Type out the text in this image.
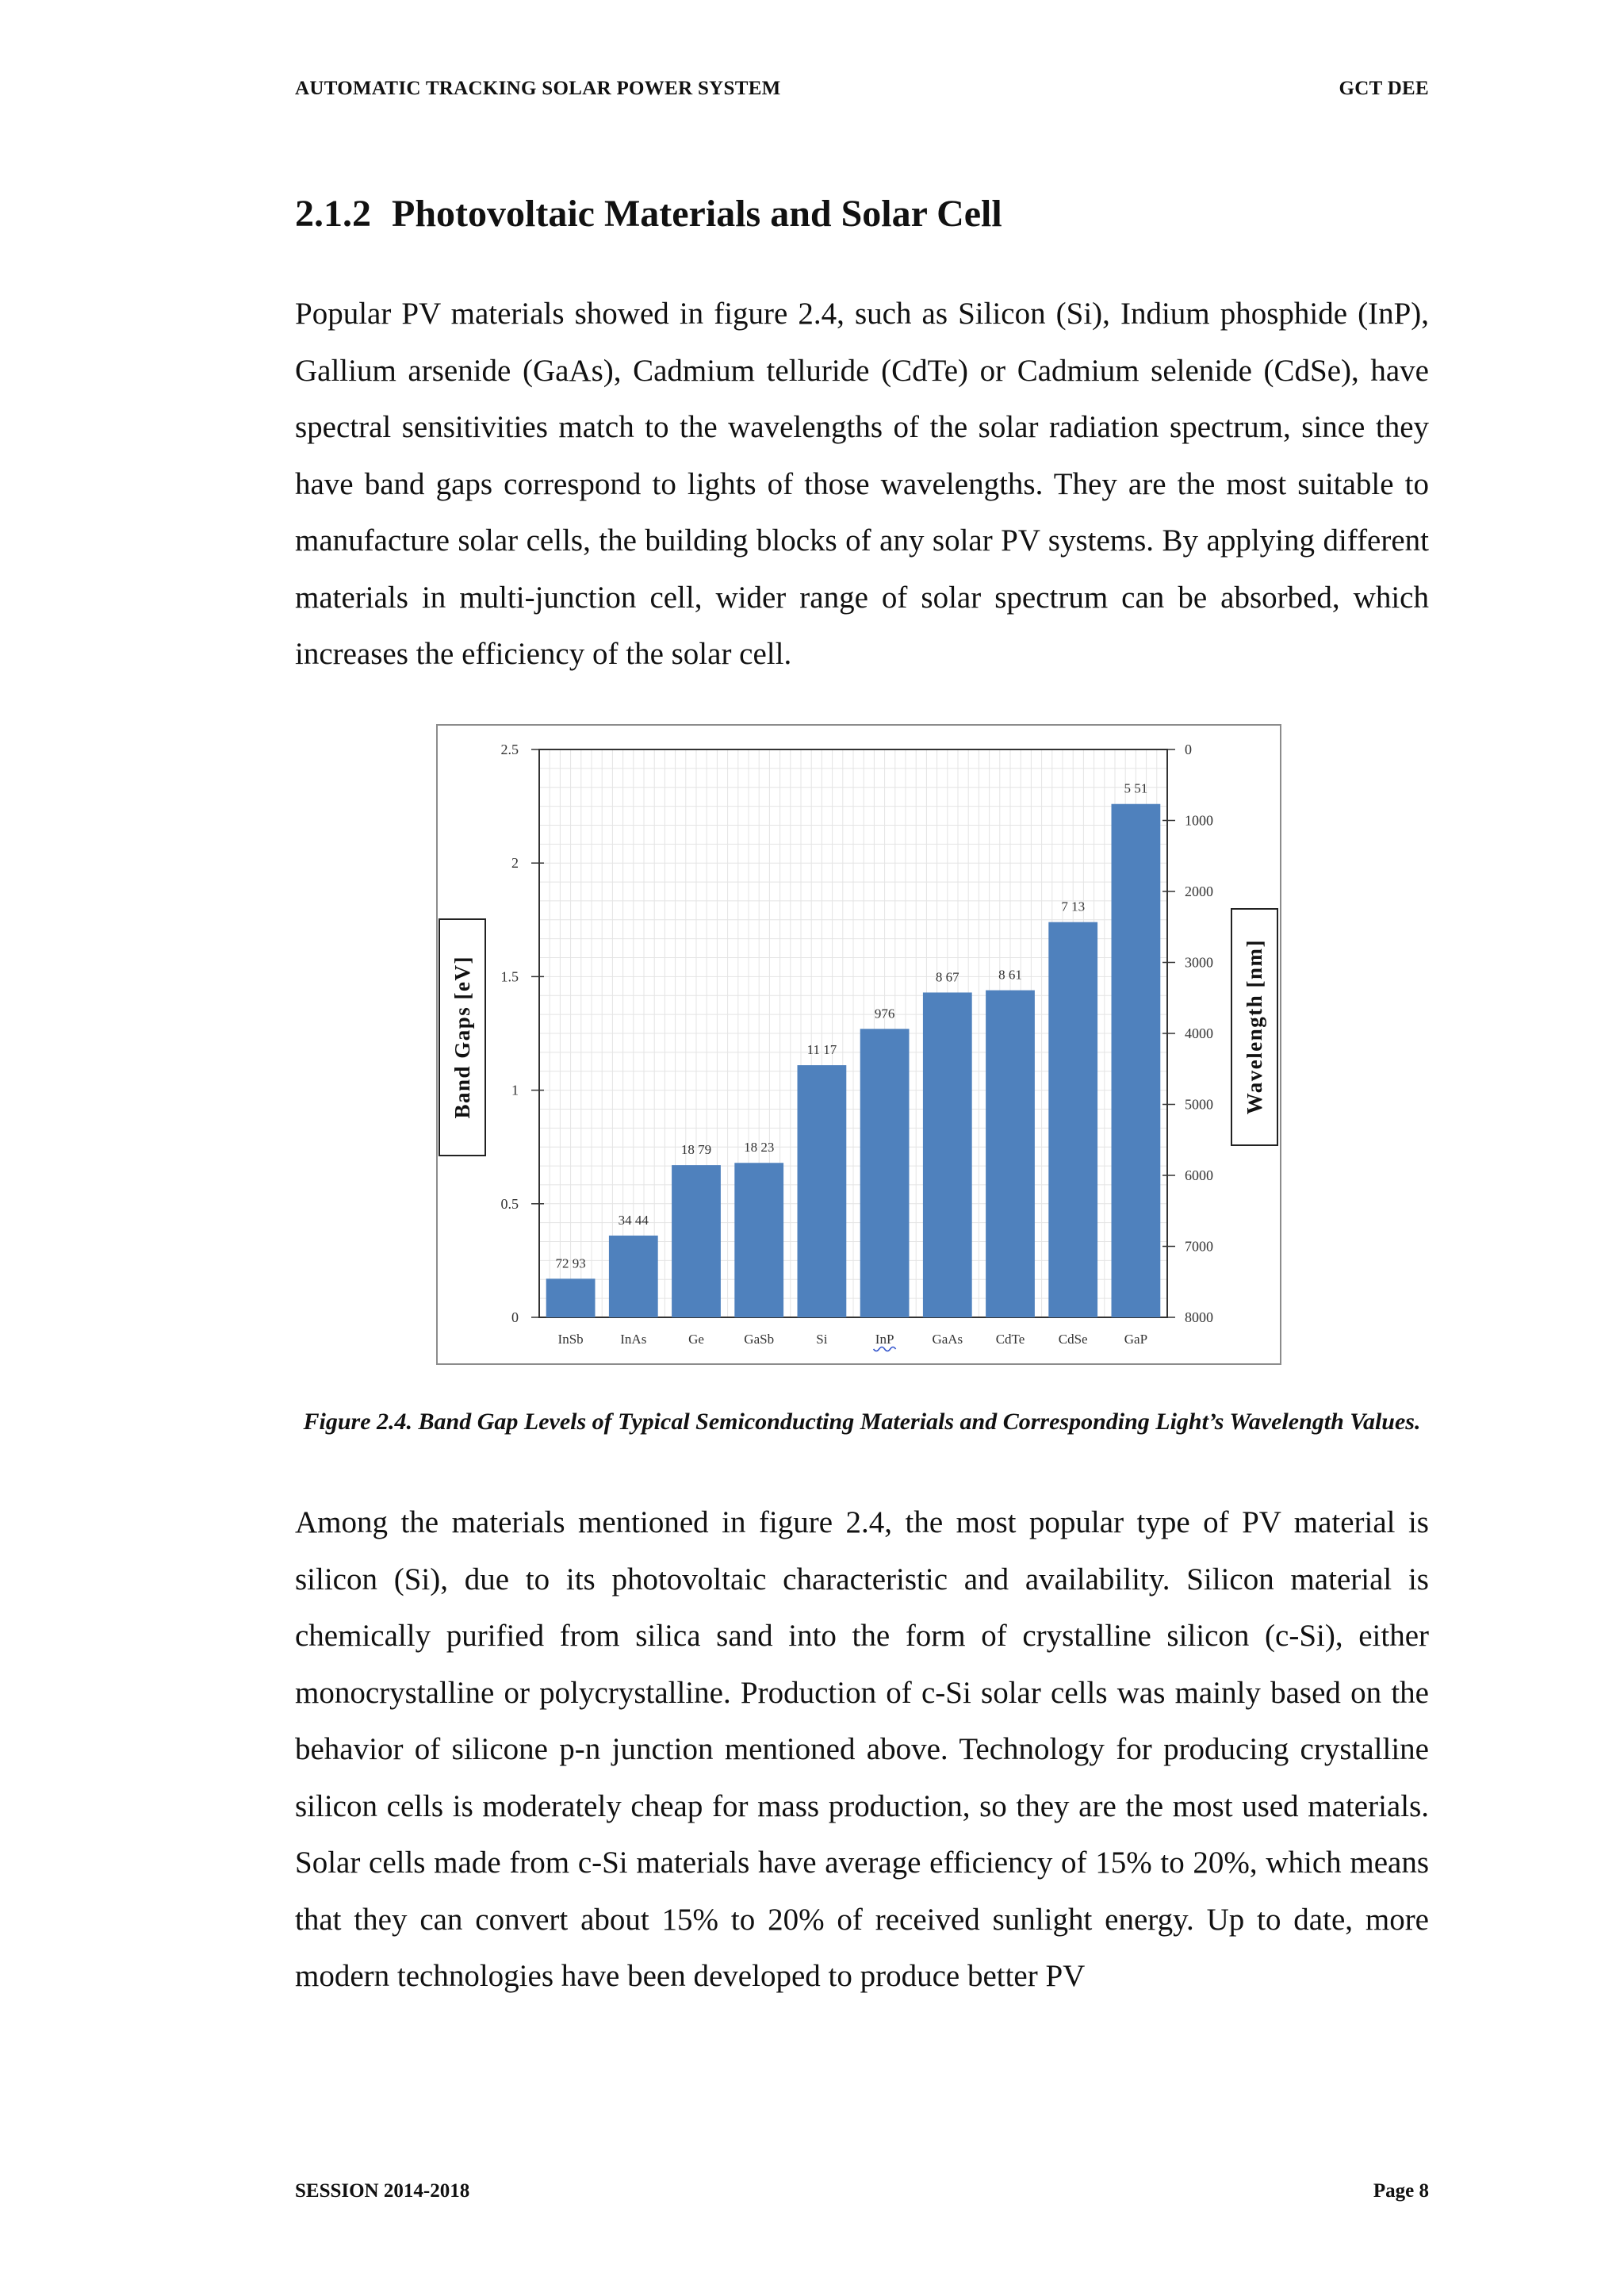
AUTOMATIC TRACKING SOLAR POWER SYSTEM	GCT DEE
2.1.2 Photovoltaic Materials and Solar Cell

Popular PV materials showed in figure 2.4, such as Silicon (Si), Indium phosphide (InP), Gallium arsenide (GaAs), Cadmium telluride (CdTe) or Cadmium selenide (CdSe), have spectral sensitivities match to the wavelengths of the solar radiation spectrum, since they have band gaps correspond to lights of those wavelengths. They are the most suitable to manufacture solar cells, the building blocks of any solar PV systems. By applying different materials in multi-junction cell, wider range of solar spectrum can be absorbed, which increases the efficiency of the solar cell.

0
0.5
1
1.5
2
2.5	0
1000
2000
3000
4000
5000
6000
7000
8000
72 93
InSb
34 44
InAs
18 79
Ge
18 23
GaSb
11 17
Si
976
InP
8 67
GaAs
8 61
CdTe
7 13
CdSe
5 51
GaP
Band Gaps [eV]	Wavelength [nm]

Figure 2.4. Band Gap Levels of Typical Semiconducting Materials and Corresponding Light’s Wavelength Values.

Among the materials mentioned in figure 2.4, the most popular type of PV material is silicon (Si), due to its photovoltaic characteristic and availability. Silicon material is chemically purified from silica sand into the form of crystalline silicon (c-Si), either monocrystalline or polycrystalline. Production of c-Si solar cells was mainly based on the behavior of silicone p-n junction mentioned above. Technology for producing crystalline silicon cells is moderately cheap for mass production, so they are the most used materials. Solar cells made from c-Si materials have average efficiency of 15% to 20%, which means that they can convert about 15% to 20% of received sunlight energy. Up to date, more modern technologies have been developed to produce better PV

SESSION 2014-2018	Page 8
